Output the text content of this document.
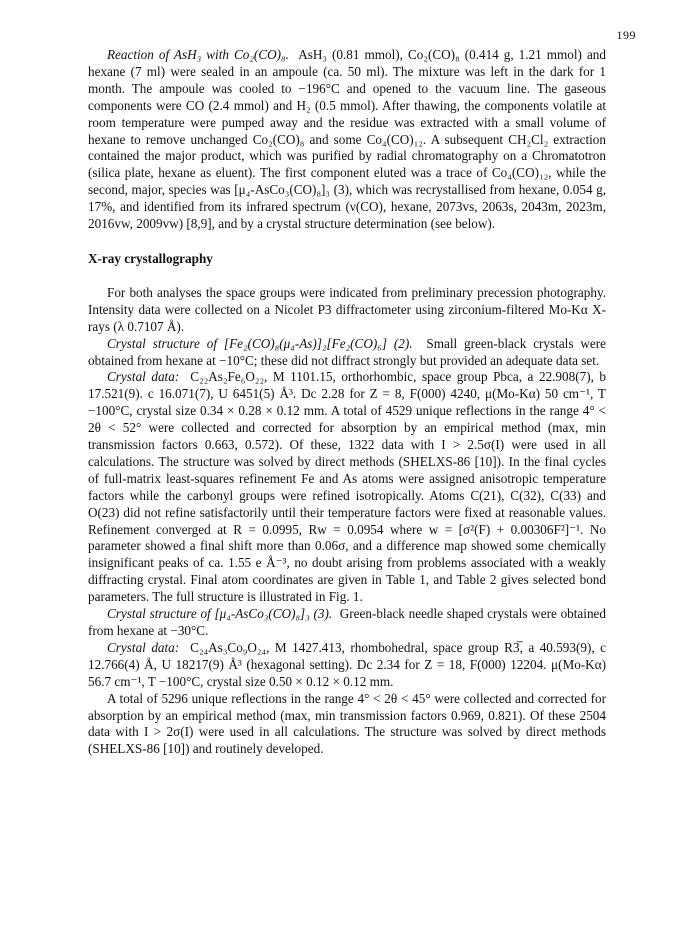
199

Reaction of AsH₃ with Co₂(CO)₈. AsH₃ (0.81 mmol), Co₂(CO)₈ (0.414 g, 1.21 mmol) and hexane (7 ml) were sealed in an ampoule (ca. 50 ml). The mixture was left in the dark for 1 month. The ampoule was cooled to −196°C and opened to the vacuum line. The gaseous components were CO (2.4 mmol) and H₂ (0.5 mmol). After thawing, the components volatile at room temperature were pumped away and the residue was extracted with a small volume of hexane to remove unchanged Co₂(CO)₈ and some Co₄(CO)₁₂. A subsequent CH₂Cl₂ extraction contained the major product, which was purified by radial chromatography on a Chromatotron (silica plate, hexane as eluent). The first component eluted was a trace of Co₄(CO)₁₂, while the second, major, species was [μ₄-AsCo₃(CO)₈]₃ (3), which was recrystallised from hexane, 0.054 g, 17%, and identified from its infrared spectrum (ν(CO), hexane, 2073vs, 2063s, 2043m, 2023m, 2016vw, 2009vw) [8,9], and by a crystal structure determination (see below).

X-ray crystallography

For both analyses the space groups were indicated from preliminary precession photography. Intensity data were collected on a Nicolet P3 diffractometer using zirconium-filtered Mo-Kα X-rays (λ 0.7107 Å).

Crystal structure of [Fe₂(CO)₈(μ₄-As)]₂[Fe₂(CO)₆] (2). Small green-black crystals were obtained from hexane at −10°C; these did not diffract strongly but provided an adequate data set.

Crystal data: C₂₂As₂Fe₆O₂₂, M 1101.15, orthorhombic, space group Pbca, a 22.908(7), b 17.521(9). c 16.071(7), U 6451(5) Å³. Dc 2.28 for Z = 8, F(000) 4240, μ(Mo-Kα) 50 cm⁻¹, T −100°C, crystal size 0.34 × 0.28 × 0.12 mm. A total of 4529 unique reflections in the range 4° < 2θ < 52° were collected and corrected for absorption by an empirical method (max, min transmission factors 0.663, 0.572). Of these, 1322 data with I > 2.5σ(I) were used in all calculations. The structure was solved by direct methods (SHELXS-86 [10]). In the final cycles of full-matrix least-squares refinement Fe and As atoms were assigned anisotropic temperature factors while the carbonyl groups were refined isotropically. Atoms C(21), C(32), C(33) and O(23) did not refine satisfactorily until their temperature factors were fixed at reasonable values. Refinement converged at R = 0.0995, Rw = 0.0954 where w = [σ²(F) + 0.00306F²]⁻¹. No parameter showed a final shift more than 0.06σ, and a difference map showed some chemically insignificant peaks of ca. 1.55 e Å⁻³, no doubt arising from problems associated with a weakly diffracting crystal. Final atom coordinates are given in Table 1, and Table 2 gives selected bond parameters. The full structure is illustrated in Fig. 1.

Crystal structure of [μ₄-AsCo₃(CO)₈]₃ (3). Green-black needle shaped crystals were obtained from hexane at −30°C.

Crystal data: C₂₄As₃Co₉O₂₄, M 1427.413, rhombohedral, space group R3̅, a 40.593(9), c 12.766(4) Å, U 18217(9) Å³ (hexagonal setting). Dc 2.34 for Z = 18, F(000) 12204. μ(Mo-Kα) 56.7 cm⁻¹, T −100°C, crystal size 0.50 × 0.12 × 0.12 mm.

A total of 5296 unique reflections in the range 4° < 2θ < 45° were collected and corrected for absorption by an empirical method (max, min transmission factors 0.969, 0.821). Of these 2504 data with I > 2σ(I) were used in all calculations. The structure was solved by direct methods (SHELXS-86 [10]) and routinely developed.
